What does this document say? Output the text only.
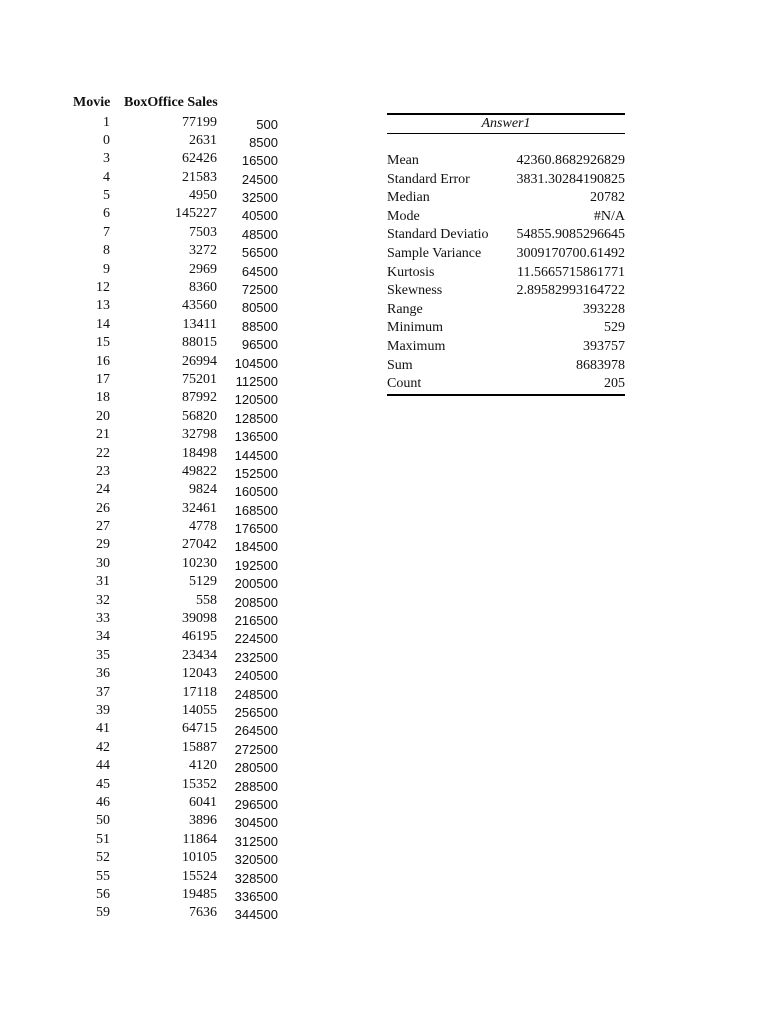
Movie BoxOffice Sales
1	77199	500
0	2631	8500
3	62426	16500
4	21583	24500
5	4950	32500
6	145227	40500
7	7503	48500
8	3272	56500
9	2969	64500
12	8360	72500
13	43560	80500
14	13411	88500
15	88015	96500
16	26994	104500
17	75201	112500
18	87992	120500
20	56820	128500
21	32798	136500
22	18498	144500
23	49822	152500
24	9824	160500
26	32461	168500
27	4778	176500
29	27042	184500
30	10230	192500
31	5129	200500
32	558	208500
33	39098	216500
34	46195	224500
35	23434	232500
36	12043	240500
37	17118	248500
39	14055	256500
41	64715	264500
42	15887	272500
44	4120	280500
45	15352	288500
46	6041	296500
50	3896	304500
51	11864	312500
52	10105	320500
55	15524	328500
56	19485	336500
59	7636	344500
Answer1
Mean	42360.8682926829
Standard Error	3831.30284190825
Median	20782
Mode	#N/A
Standard Deviatio	54855.9085296645
Sample Variance	3009170700.61492
Kurtosis	11.5665715861771
Skewness	2.89582993164722
Range	393228
Minimum	529
Maximum	393757
Sum	8683978
Count	205
